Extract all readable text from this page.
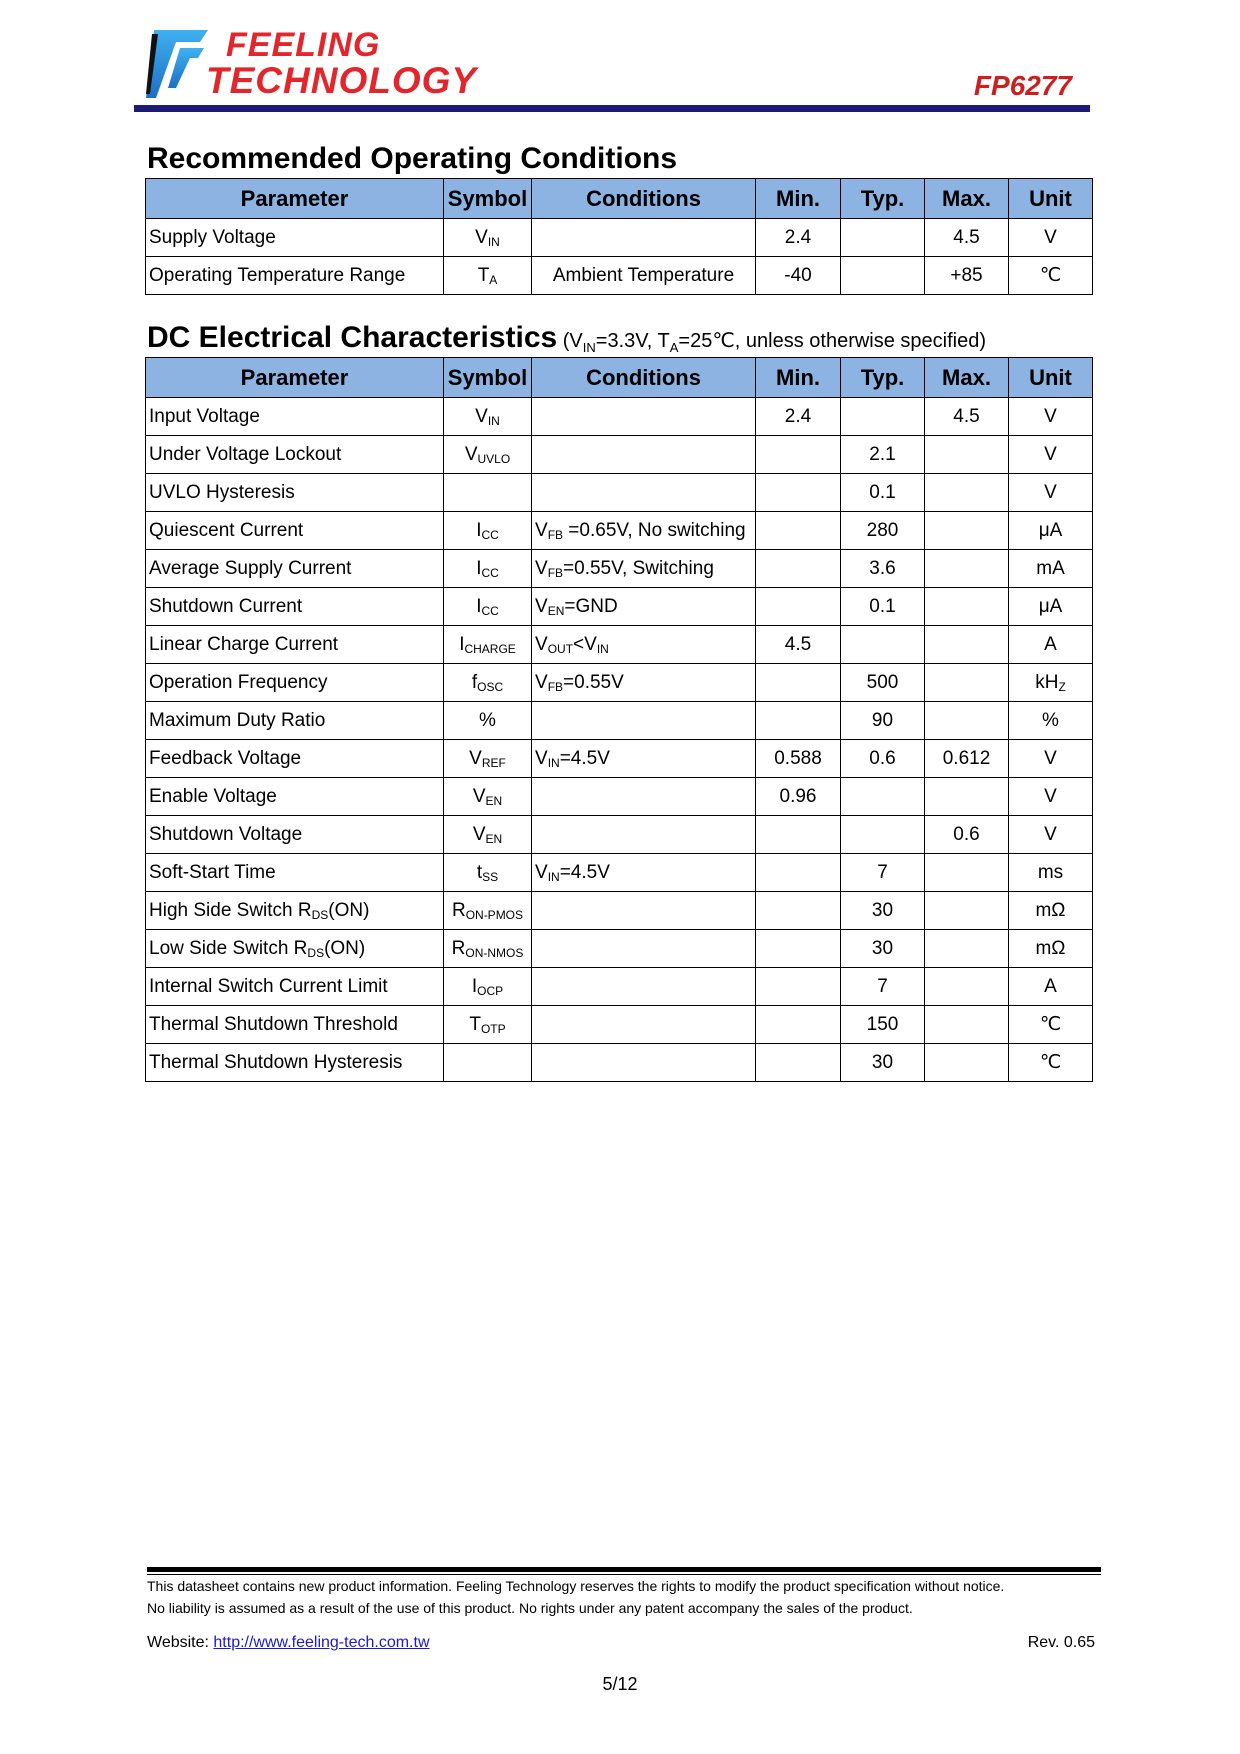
FEELING
TECHNOLOGY	FP6277
Recommended Operating Conditions
Parameter	Symbol	Conditions	Min.	Typ.	Max.	Unit
Supply Voltage	$V_{IN}$		2.4		4.5	V
Operating Temperature Range	$T_A$	Ambient Temperature	-40		+85	℃
DC Electrical Characteristics ($V_{IN}=3.3V$, $T_A=25℃$, unless otherwise specified)
Parameter	Symbol	Conditions	Min.	Typ.	Max.	Unit
Input Voltage	$V_{IN}$		2.4		4.5	V
Under Voltage Lockout	$V_{UVLO}$			2.1		V
UVLO Hysteresis				0.1		V
Quiescent Current	$I_{CC}$	$V_{FB} =0.65V$, No switching		280		μA
Average Supply Current	$I_{CC}$	$V_{FB}=0.55V$, Switching		3.6		mA
Shutdown Current	$I_{CC}$	$V_{EN}=GND$		0.1		μA
Linear Charge Current	$I_{CHARGE}$	$V_{OUT}<V_{IN}$	4.5			A
Operation Frequency	$f_{OSC}$	$V_{FB}=0.55V$		500		$kH_Z$
Maximum Duty Ratio	%			90		%
Feedback Voltage	$V_{REF}$	$V_{IN}=4.5V$	0.588	0.6	0.612	V
Enable Voltage	$V_{EN}$		0.96			V
Shutdown Voltage	$V_{EN}$				0.6	V
Soft-Start Time	$t_{SS}$	$V_{IN}=4.5V$		7		ms
High Side Switch $R_{DS}(ON)$	$R_{ON-PMOS}$			30		mΩ
Low Side Switch $R_{DS}(ON)$	$R_{ON-NMOS}$			30		mΩ
Internal Switch Current Limit	$I_{OCP}$			7		A
Thermal Shutdown Threshold	$T_{OTP}$			150		℃
Thermal Shutdown Hysteresis				30		℃
This datasheet contains new product information. Feeling Technology reserves the rights to modify the product specification without notice.
No liability is assumed as a result of the use of this product. No rights under any patent accompany the sales of the product.
Website: http://www.feeling-tech.com.tw	Rev. 0.65
5/12
